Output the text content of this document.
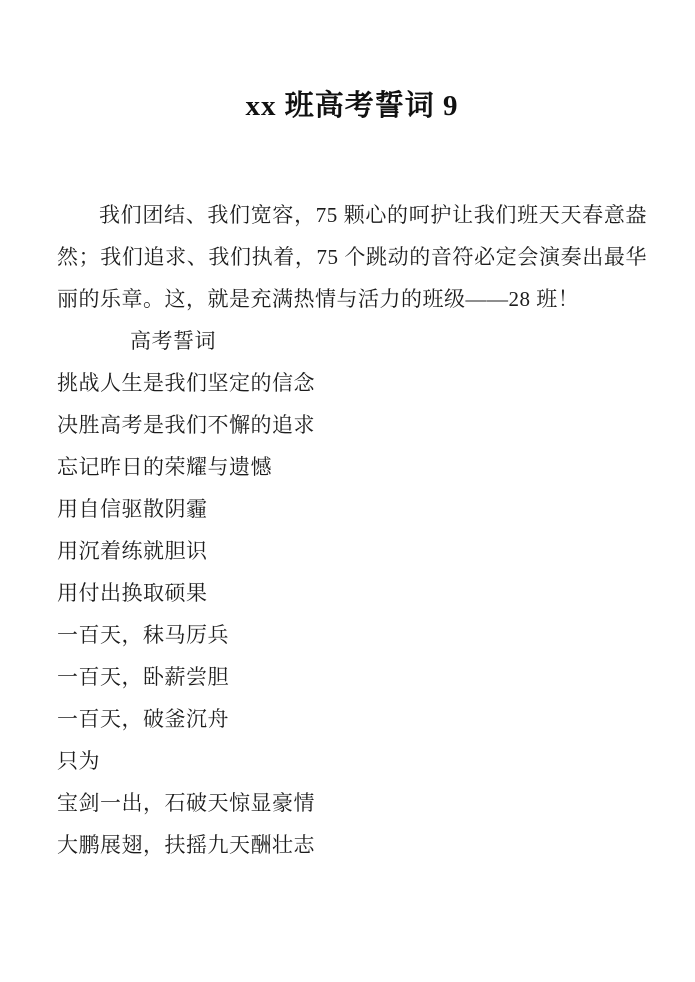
xx 班高考誓词 9

我们团结、我们宽容，75 颗心的呵护让我们班天天春意盎然；我们追求、我们执着，75 个跳动的音符必定会演奏出最华丽的乐章。这，就是充满热情与活力的班级——28 班！

高考誓词
挑战人生是我们坚定的信念
决胜高考是我们不懈的追求
忘记昨日的荣耀与遗憾
用自信驱散阴霾
用沉着练就胆识
用付出换取硕果
一百天，秣马厉兵
一百天，卧薪尝胆
一百天，破釜沉舟
只为
宝剑一出，石破天惊显豪情
大鹏展翅，扶摇九天酬壮志
